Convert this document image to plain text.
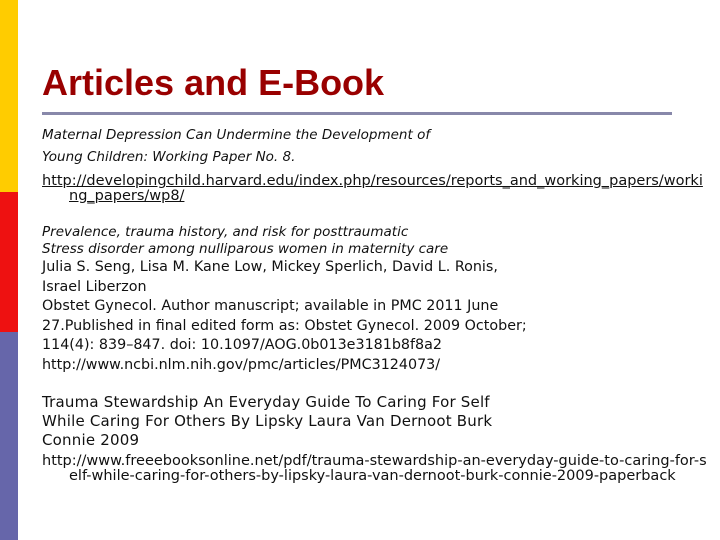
Articles and E-Book
Maternal Depression Can Undermine the Development of
Young Children: Working Paper No. 8.
http://developingchild.harvard.edu/index.php/resources/reports_and_working_papers/working_papers/wp8/
Prevalence, trauma history, and risk for posttraumatic
Stress disorder among nulliparous women in maternity care
Julia S. Seng, Lisa M. Kane Low, Mickey Sperlich, David L. Ronis,
Israel Liberzon
Obstet Gynecol. Author manuscript; available in PMC 2011 June
27.Published in final edited form as: Obstet Gynecol. 2009 October;
114(4): 839–847. doi: 10.1097/AOG.0b013e3181b8f8a2
http://www.ncbi.nlm.nih.gov/pmc/articles/PMC3124073/
Trauma Stewardship An Everyday Guide To Caring For Self
While Caring For Others By Lipsky Laura Van Dernoot Burk
Connie 2009
http://www.freeebooksonline.net/pdf/trauma-stewardship-an-everyday-guide-to-caring-for-self-while-caring-for-others-by-lipsky-laura-van-dernoot-burk-connie-2009-paperback
